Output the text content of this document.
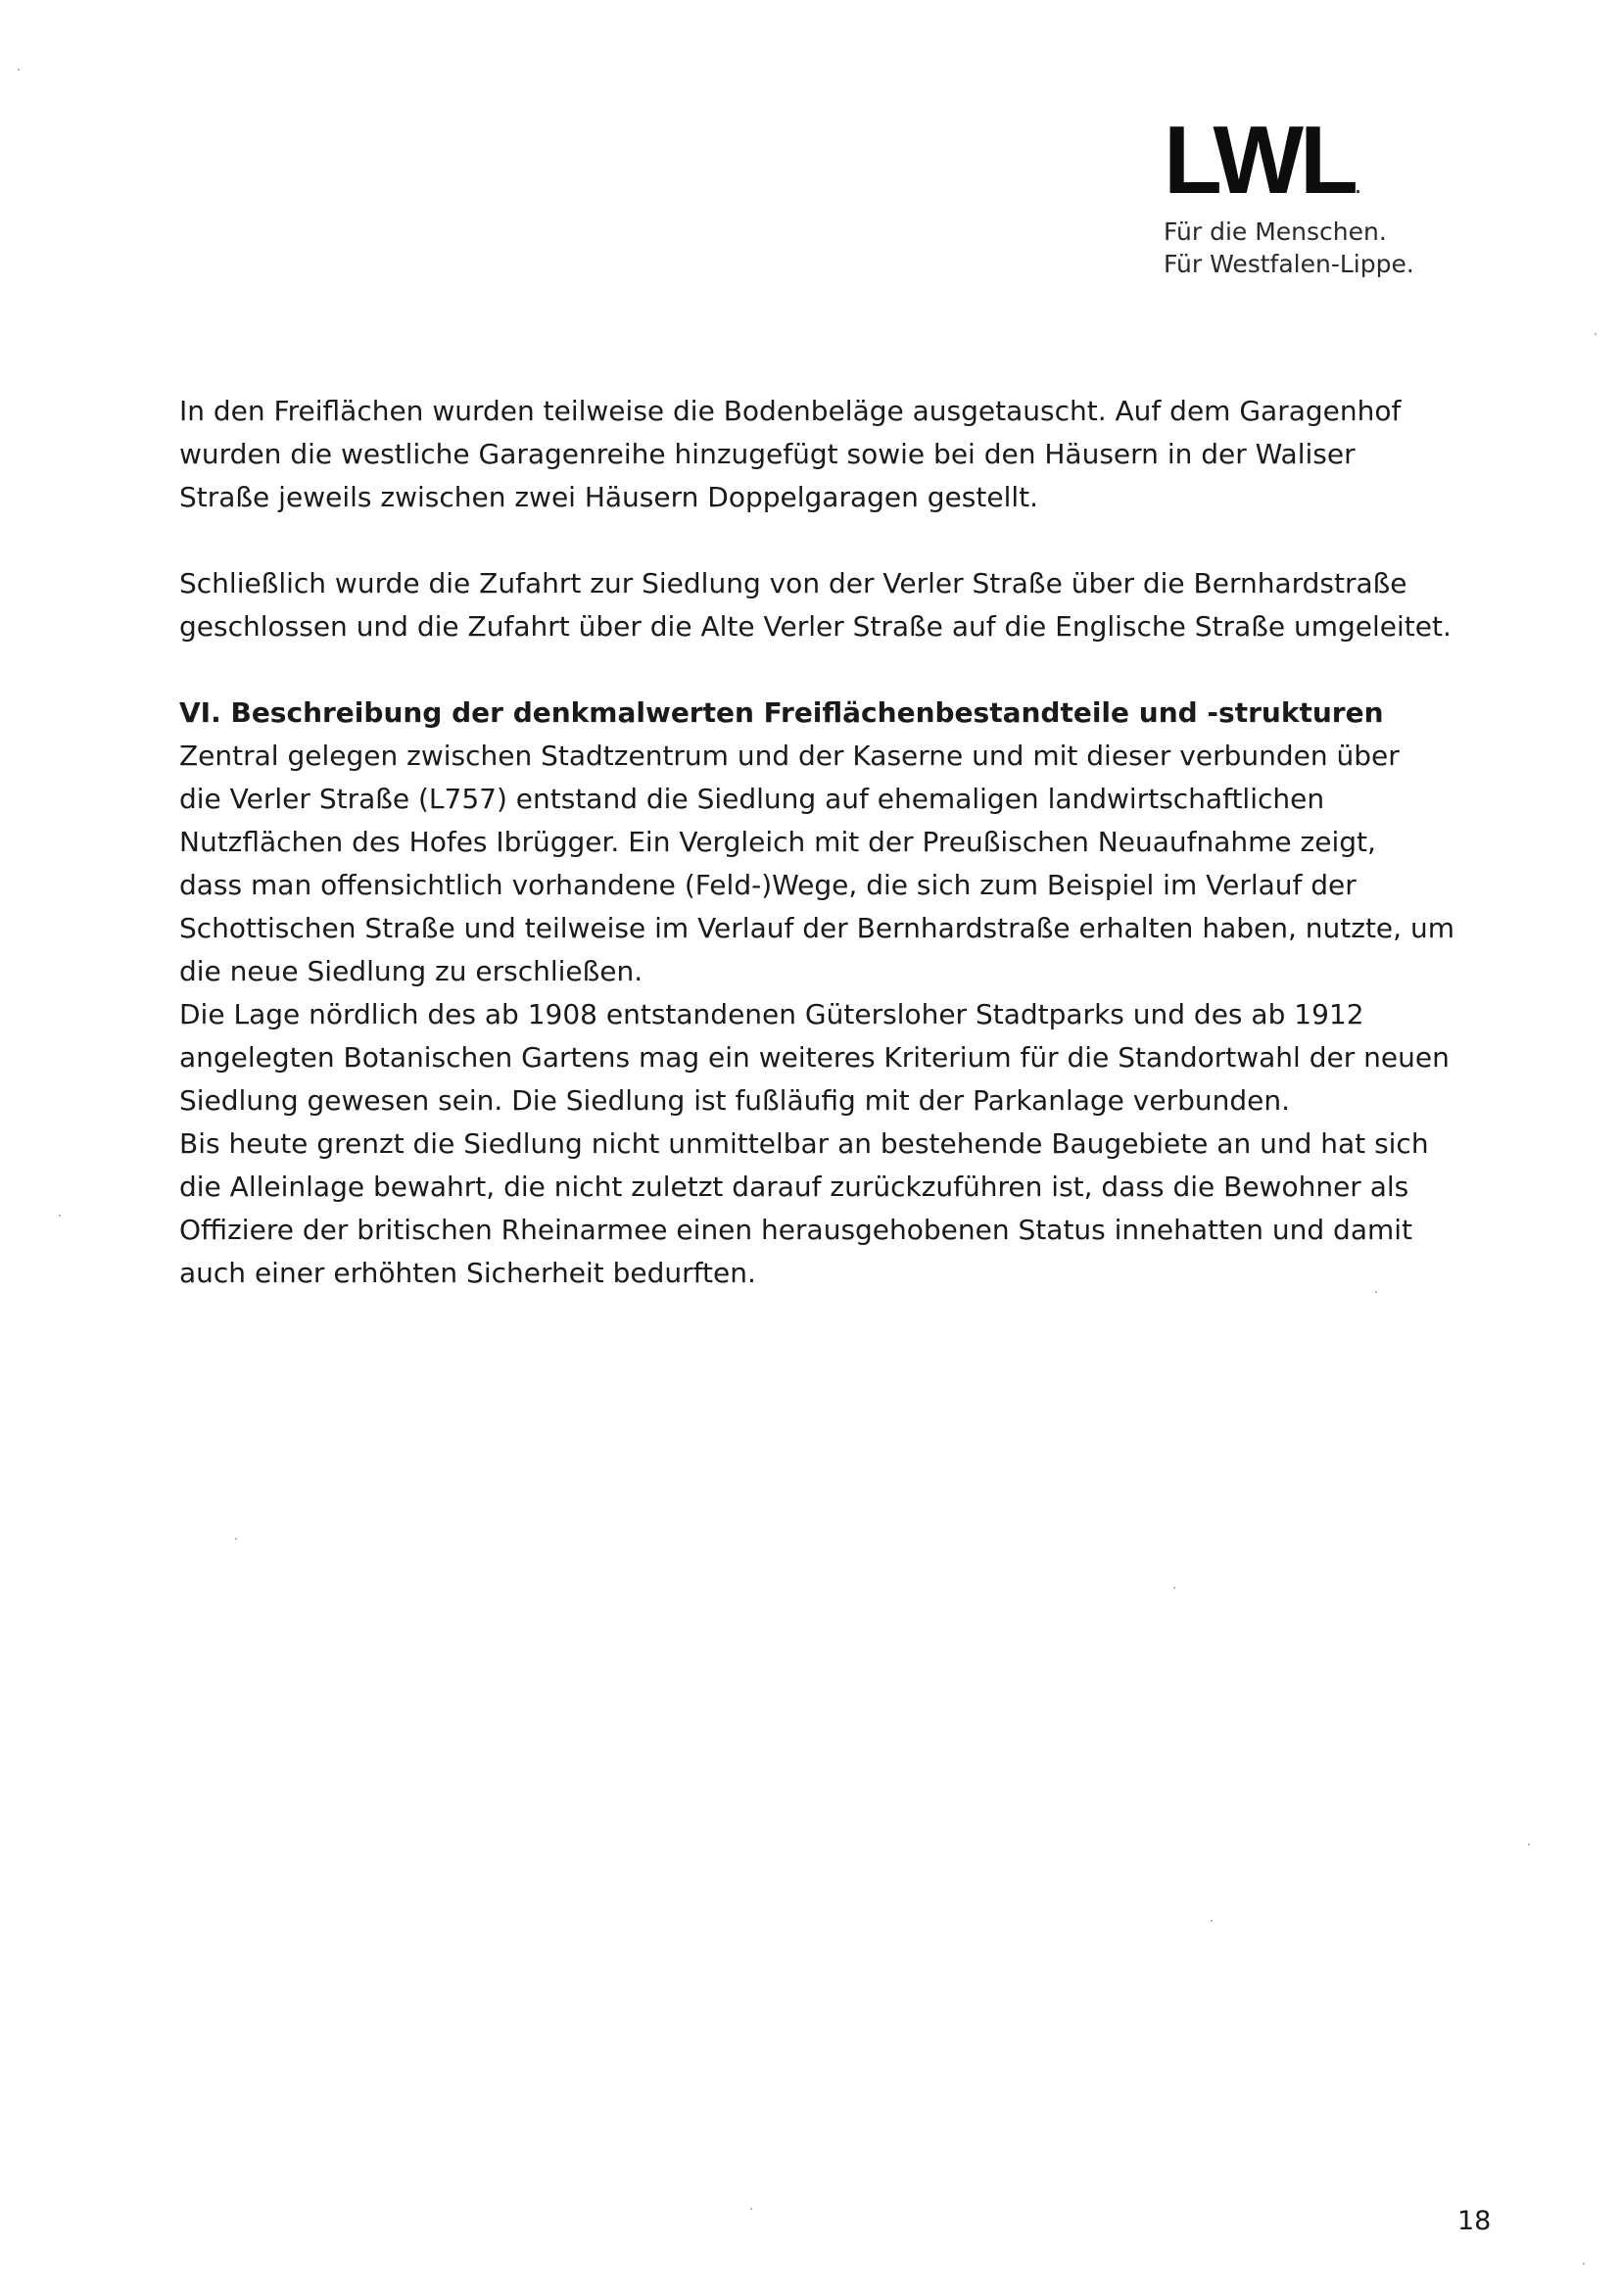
LWL
Für die Menschen.
Für Westfalen-Lippe.

In den Freiflächen wurden teilweise die Bodenbeläge ausgetauscht. Auf dem Garagenhof
wurden die westliche Garagenreihe hinzugefügt sowie bei den Häusern in der Waliser
Straße jeweils zwischen zwei Häusern Doppelgaragen gestellt.

Schließlich wurde die Zufahrt zur Siedlung von der Verler Straße über die Bernhardstraße
geschlossen und die Zufahrt über die Alte Verler Straße auf die Englische Straße umgeleitet.

VI. Beschreibung der denkmalwerten Freiflächenbestandteile und -strukturen

Zentral gelegen zwischen Stadtzentrum und der Kaserne und mit dieser verbunden über
die Verler Straße (L757) entstand die Siedlung auf ehemaligen landwirtschaftlichen
Nutzflächen des Hofes Ibrügger. Ein Vergleich mit der Preußischen Neuaufnahme zeigt,
dass man offensichtlich vorhandene (Feld-)Wege, die sich zum Beispiel im Verlauf der
Schottischen Straße und teilweise im Verlauf der Bernhardstraße erhalten haben, nutzte, um
die neue Siedlung zu erschließen.
Die Lage nördlich des ab 1908 entstandenen Gütersloher Stadtparks und des ab 1912
angelegten Botanischen Gartens mag ein weiteres Kriterium für die Standortwahl der neuen
Siedlung gewesen sein. Die Siedlung ist fußläufig mit der Parkanlage verbunden.
Bis heute grenzt die Siedlung nicht unmittelbar an bestehende Baugebiete an und hat sich
die Alleinlage bewahrt, die nicht zuletzt darauf zurückzuführen ist, dass die Bewohner als
Offiziere der britischen Rheinarmee einen herausgehobenen Status innehatten und damit
auch einer erhöhten Sicherheit bedurften.

18
